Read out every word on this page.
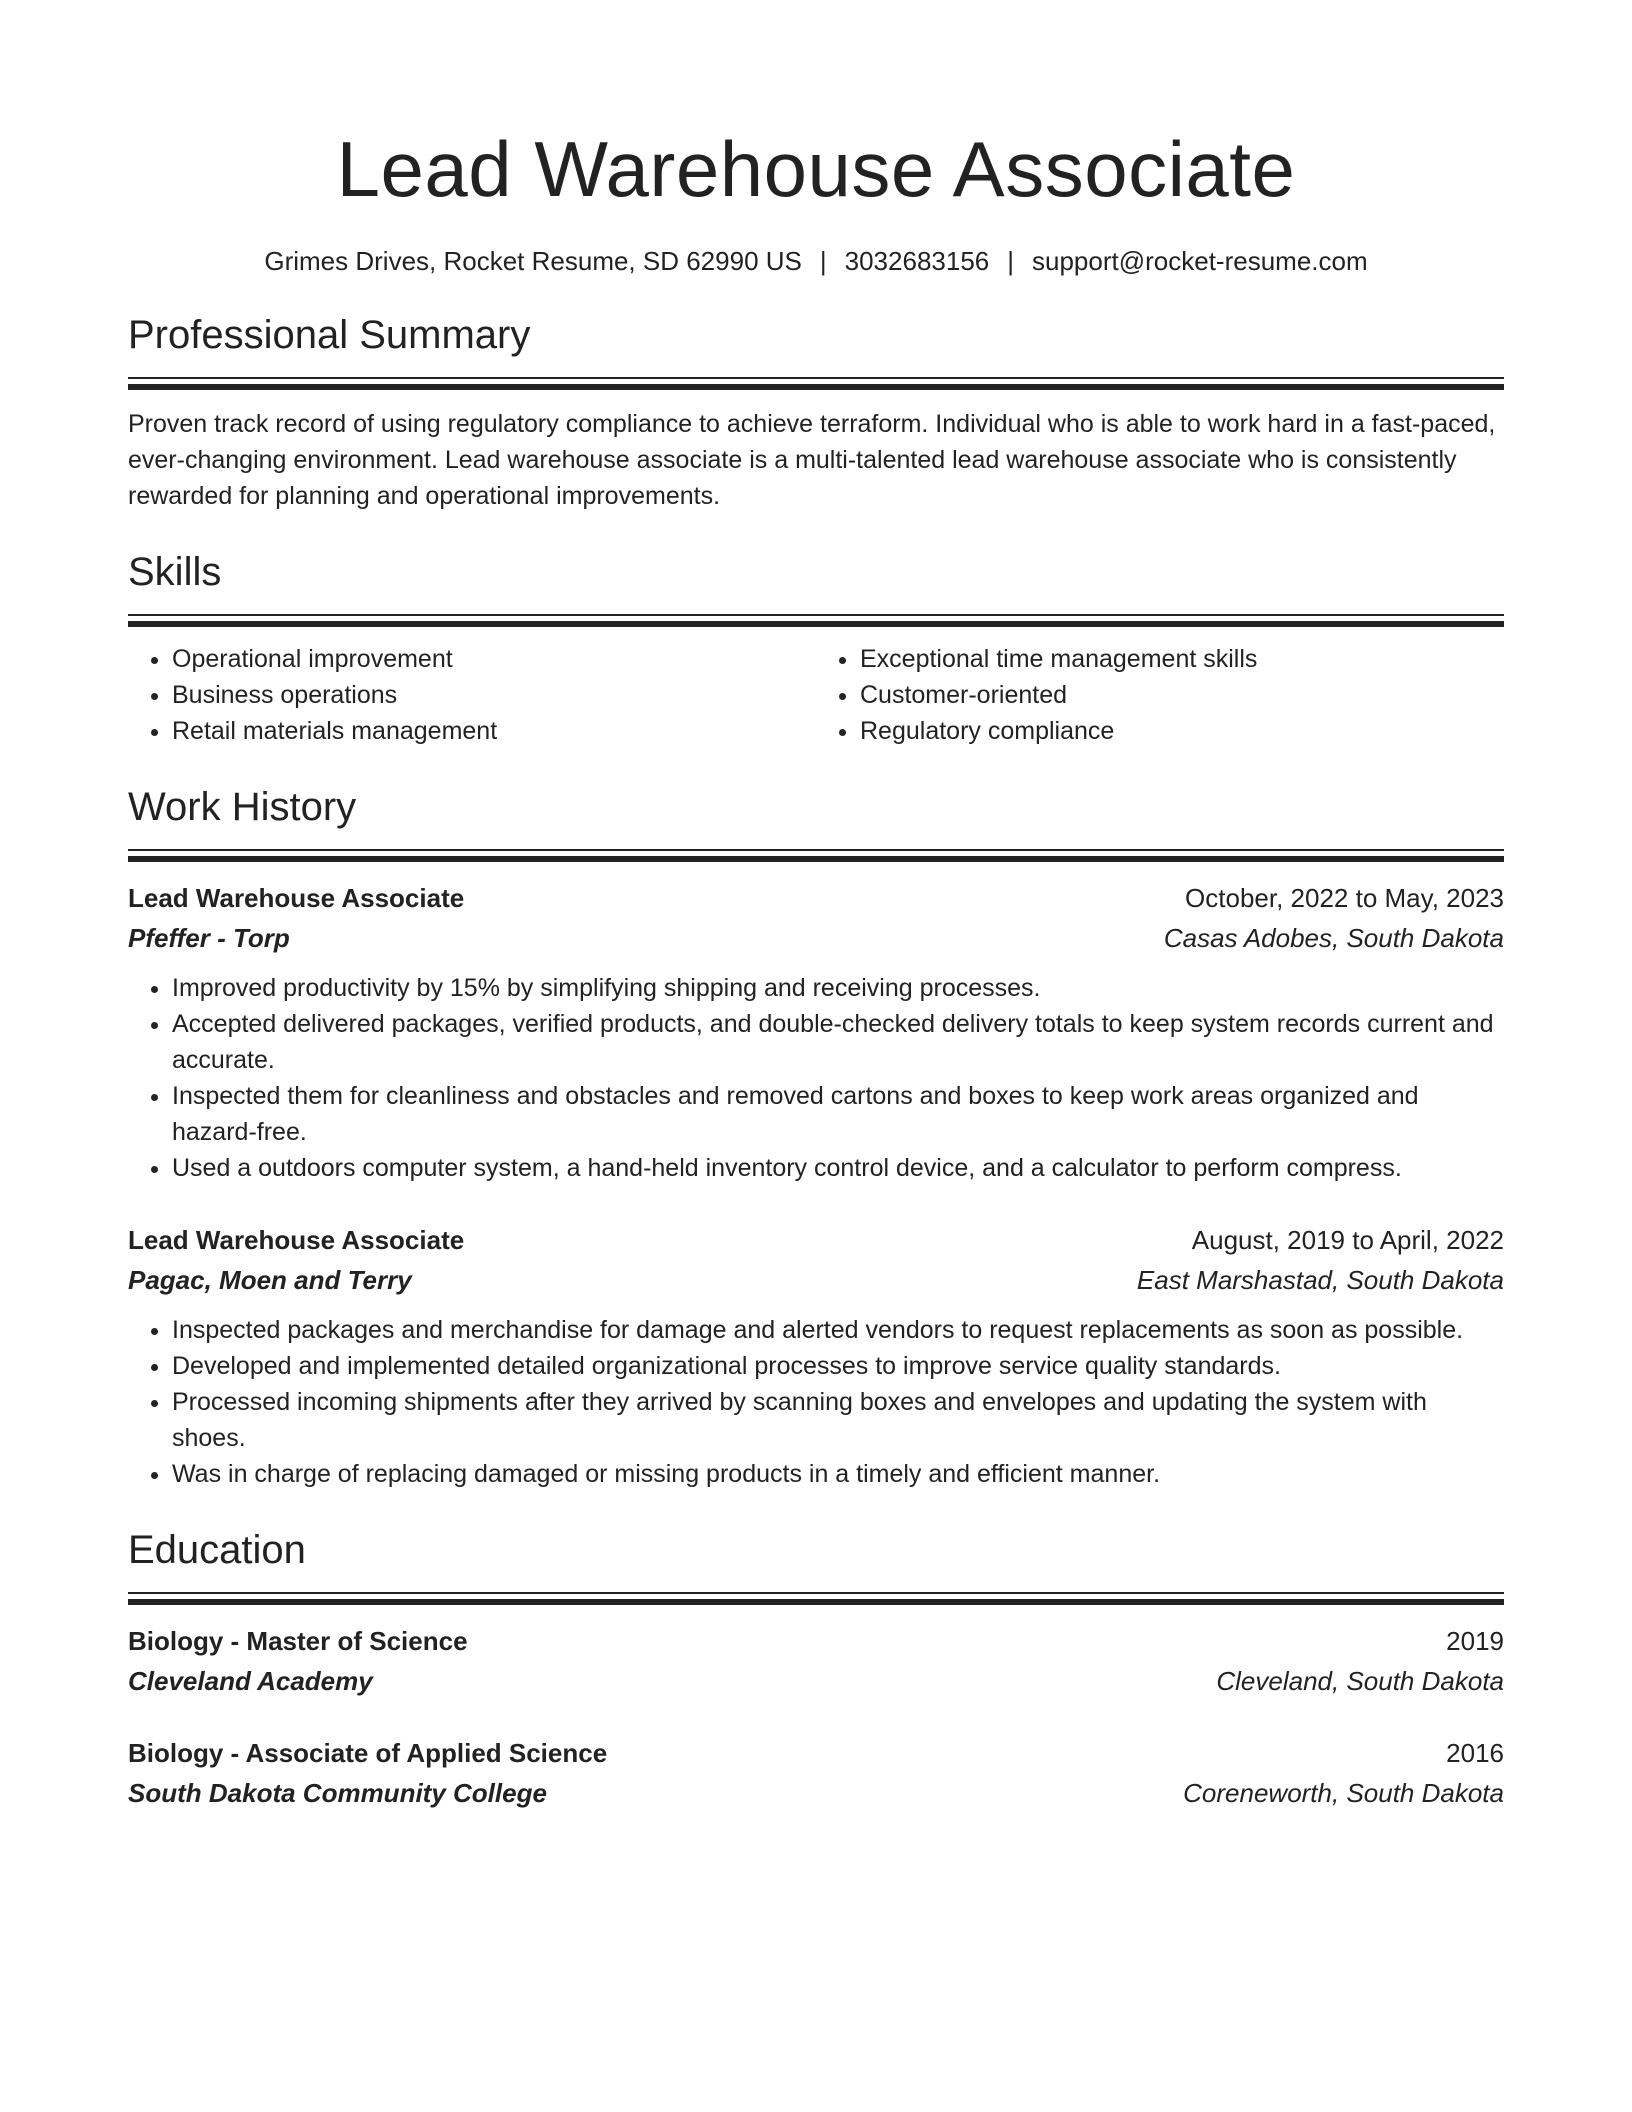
Lead Warehouse Associate
Grimes Drives, Rocket Resume, SD 62990 US | 3032683156 | support@rocket-resume.com
Professional Summary

Proven track record of using regulatory compliance to achieve terraform. Individual who is able to work hard in a fast-paced, ever-changing environment. Lead warehouse associate is a multi-talented lead warehouse associate who is consistently rewarded for planning and operational improvements.

Skills
• Operational improvement
• Business operations
• Retail materials management
• Exceptional time management skills
• Customer-oriented
• Regulatory compliance
Work History
Lead Warehouse Associate	October, 2022 to May, 2023
Pfeffer - Torp	Casas Adobes, South Dakota
• Improved productivity by 15% by simplifying shipping and receiving processes.
• Accepted delivered packages, verified products, and double-checked delivery totals to keep system records current and accurate.
• Inspected them for cleanliness and obstacles and removed cartons and boxes to keep work areas organized and hazard-free.
• Used a outdoors computer system, a hand-held inventory control device, and a calculator to perform compress.
Lead Warehouse Associate	August, 2019 to April, 2022
Pagac, Moen and Terry	East Marshastad, South Dakota
• Inspected packages and merchandise for damage and alerted vendors to request replacements as soon as possible.
• Developed and implemented detailed organizational processes to improve service quality standards.
• Processed incoming shipments after they arrived by scanning boxes and envelopes and updating the system with shoes.
• Was in charge of replacing damaged or missing products in a timely and efficient manner.
Education
Biology - Master of Science	2019
Cleveland Academy	Cleveland, South Dakota
Biology - Associate of Applied Science	2016
South Dakota Community College	Coreneworth, South Dakota
